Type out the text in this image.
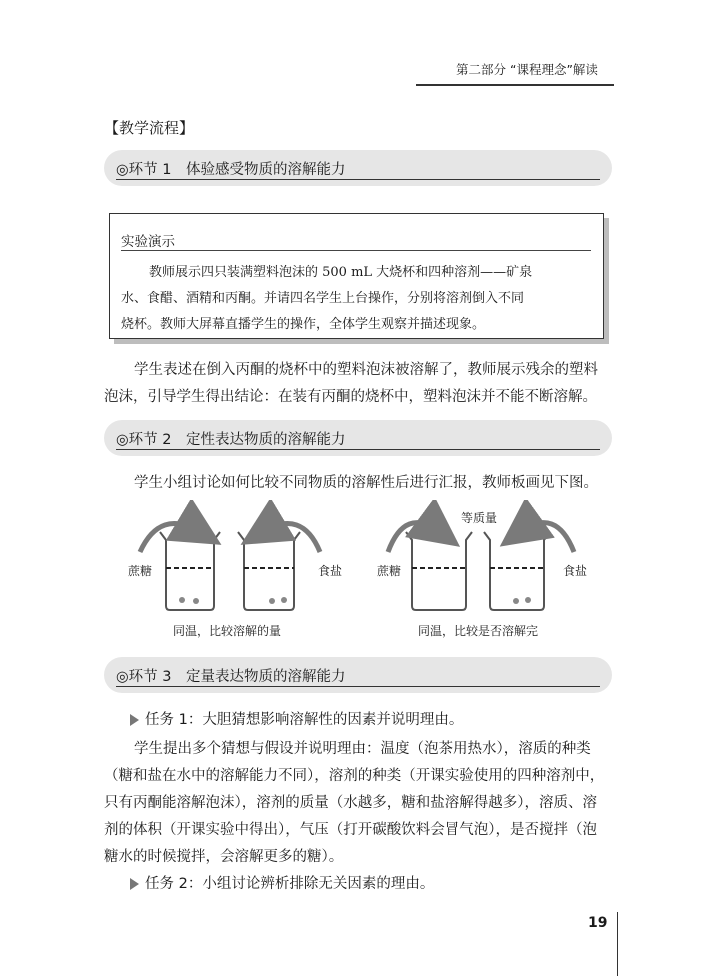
第二部分 “课程理念”解读
【教学流程】
◎环节 1　体验感受物质的溶解能力
实验演示
教师展示四只装满塑料泡沫的 500 mL 大烧杯和四种溶剂——矿泉
水、食醋、酒精和丙酮。并请四名学生上台操作，分别将溶剂倒入不同
烧杯。教师大屏幕直播学生的操作，全体学生观察并描述现象。
学生表述在倒入丙酮的烧杯中的塑料泡沫被溶解了，教师展示残余的塑料
泡沫，引导学生得出结论：在装有丙酮的烧杯中，塑料泡沫并不能不断溶解。
◎环节 2　定性表达物质的溶解能力
学生小组讨论如何比较不同物质的溶解性后进行汇报，教师板画见下图。
蔗糖	食盐
同温，比较溶解的量
等质量
蔗糖	食盐
同温，比较是否溶解完
◎环节 3　定量表达物质的溶解能力
任务 1：大胆猜想影响溶解性的因素并说明理由。
学生提出多个猜想与假设并说明理由：温度（泡茶用热水），溶质的种类
（糖和盐在水中的溶解能力不同），溶剂的种类（开课实验使用的四种溶剂中，
只有丙酮能溶解泡沫），溶剂的质量（水越多，糖和盐溶解得越多），溶质、溶
剂的体积（开课实验中得出），气压（打开碳酸饮料会冒气泡），是否搅拌（泡
糖水的时候搅拌，会溶解更多的糖）。
任务 2：小组讨论辨析排除无关因素的理由。
19
